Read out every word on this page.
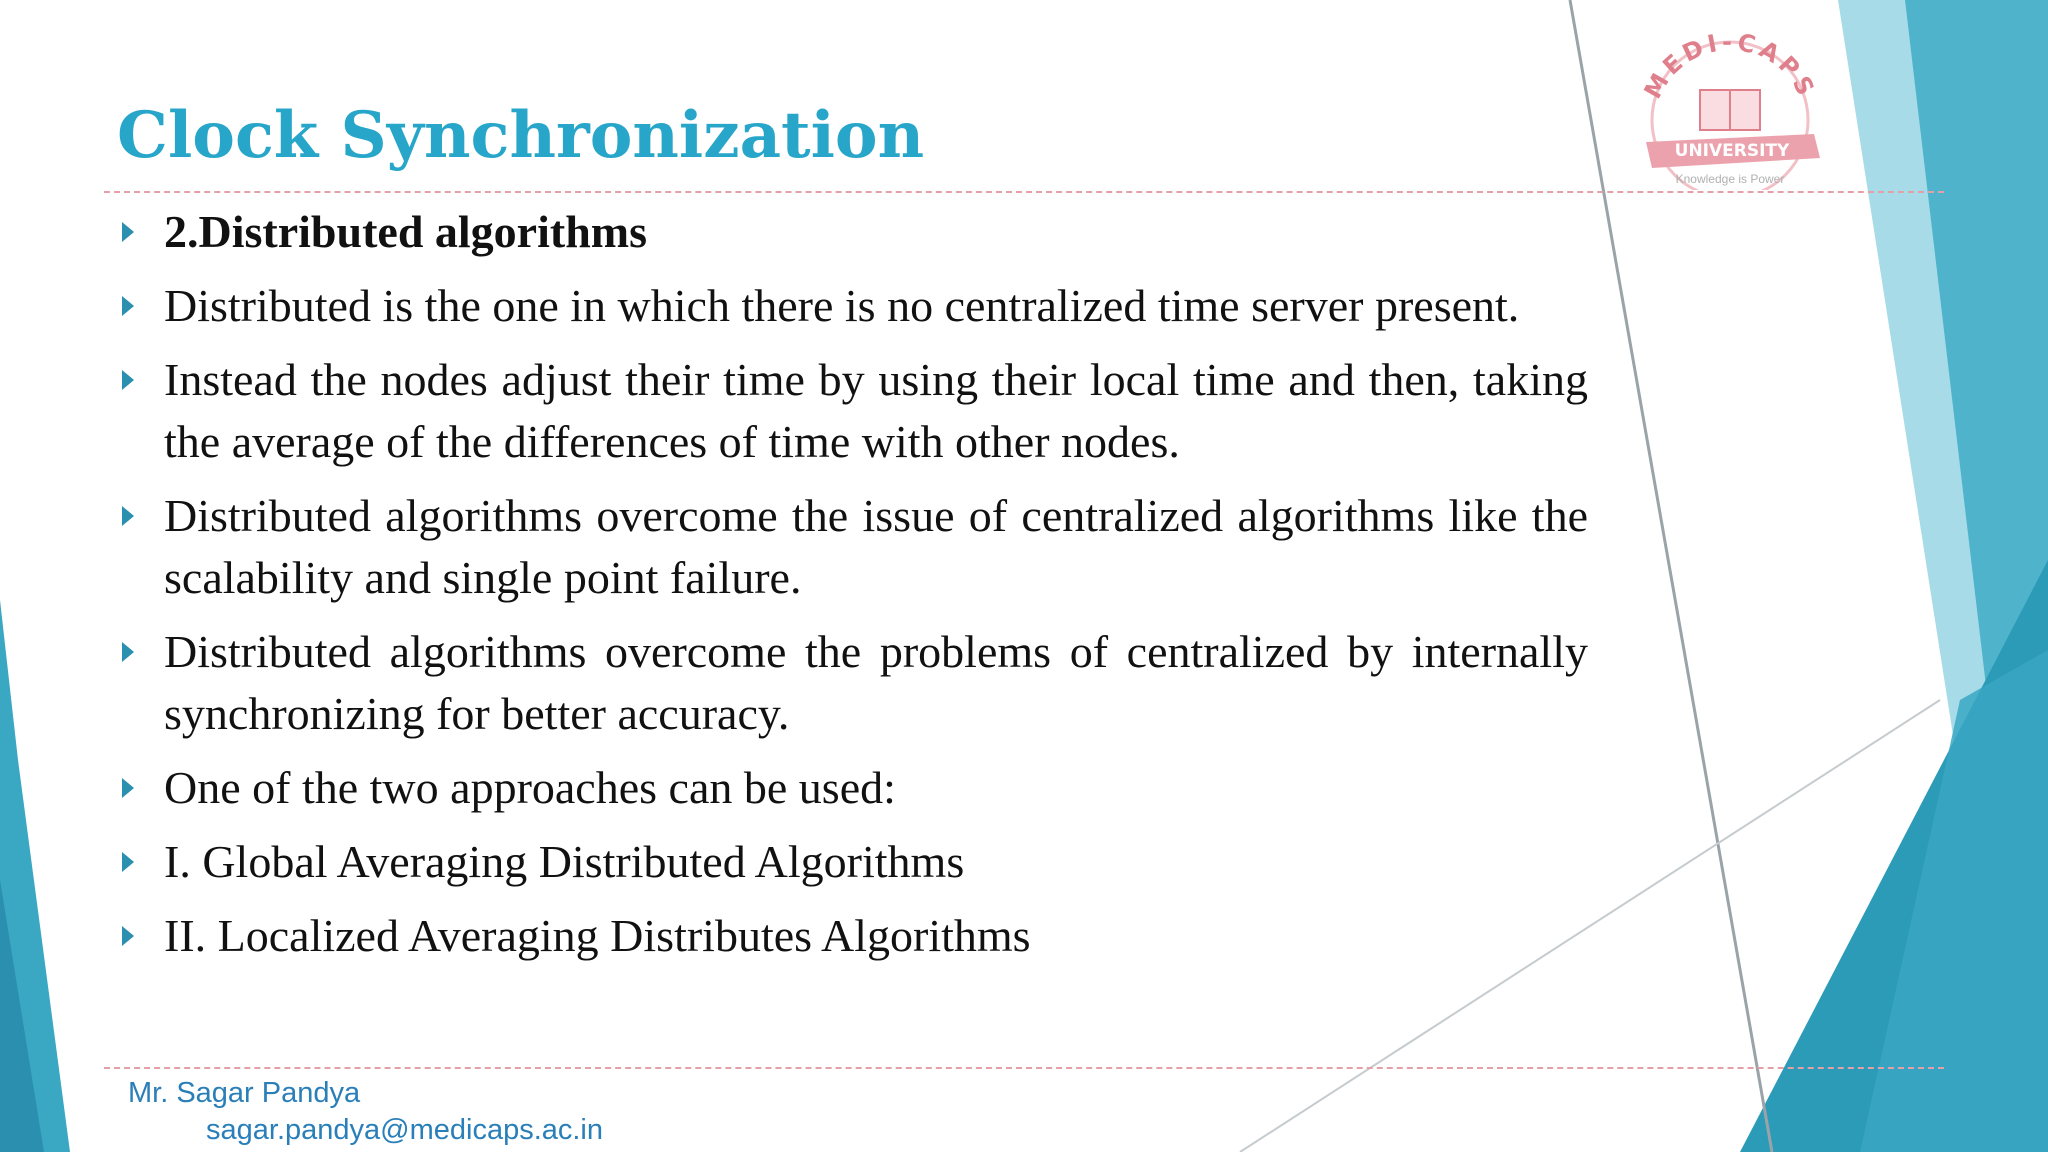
MEDI-CAPS
UNIVERSITY
Knowledge is Power
Clock Synchronization
2.Distributed algorithms
Distributed is the one in which there is no centralized time server present.
Instead the nodes adjust their time by using their local time and then, taking the average of the differences of time with other nodes.
Distributed algorithms overcome the issue of centralized algorithms like the scalability and single point failure.
Distributed algorithms overcome the problems of centralized by internally synchronizing for better accuracy.
One of the two approaches can be used:
I. Global Averaging Distributed Algorithms
II. Localized Averaging Distributes Algorithms
Mr. Sagar Pandya
sagar.pandya@medicaps.ac.in
